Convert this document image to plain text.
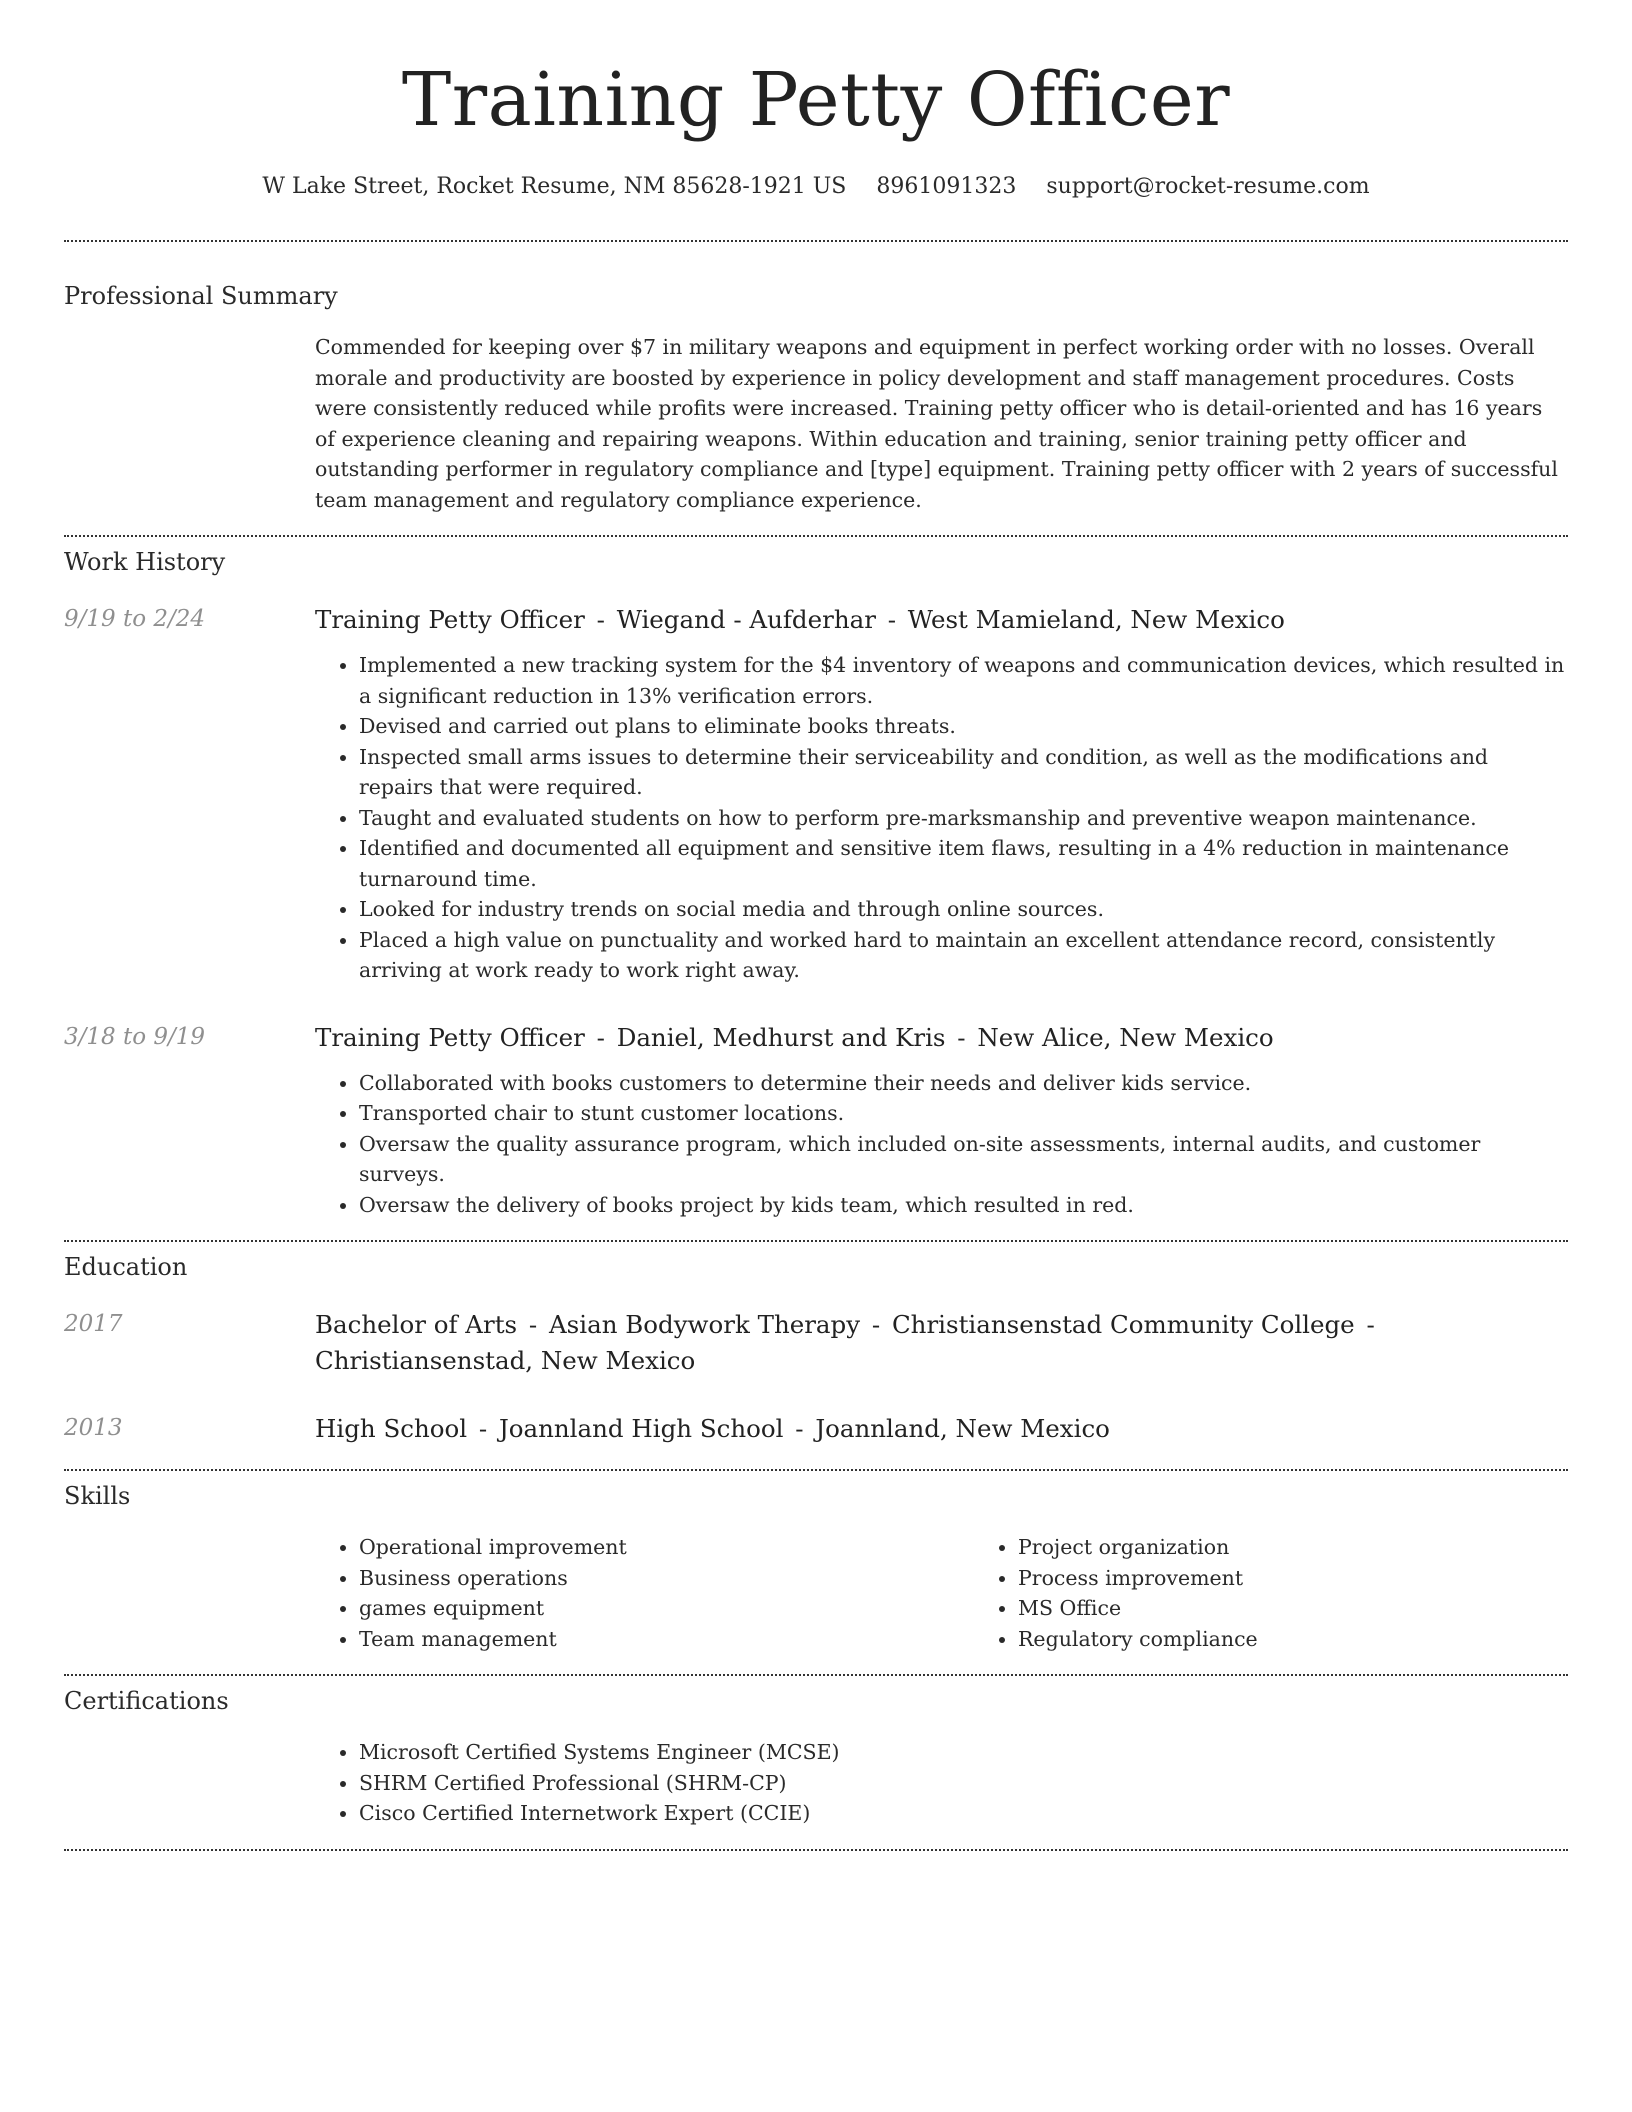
Training Petty Officer
W Lake Street, Rocket Resume, NM 85628-1921 US 8961091323 support@rocket-resume.com
Professional Summary
Commended for keeping over $7 in military weapons and equipment in perfect working order with no losses. Overall morale and productivity are boosted by experience in policy development and staff management procedures. Costs were consistently reduced while profits were increased. Training petty officer who is detail-oriented and has 16 years of experience cleaning and repairing weapons. Within education and training, senior training petty officer and outstanding performer in regulatory compliance and [type] equipment. Training petty officer with 2 years of successful team management and regulatory compliance experience.
Work History
9/19 to 2/24	Training Petty Officer - Wiegand - Aufderhar - West Mamieland, New Mexico
• Implemented a new tracking system for the $4 inventory of weapons and communication devices, which resulted in a significant reduction in 13% verification errors.
• Devised and carried out plans to eliminate books threats.
• Inspected small arms issues to determine their serviceability and condition, as well as the modifications and repairs that were required.
• Taught and evaluated students on how to perform pre-marksmanship and preventive weapon maintenance.
• Identified and documented all equipment and sensitive item flaws, resulting in a 4% reduction in maintenance turnaround time.
• Looked for industry trends on social media and through online sources.
• Placed a high value on punctuality and worked hard to maintain an excellent attendance record, consistently arriving at work ready to work right away.
3/18 to 9/19	Training Petty Officer - Daniel, Medhurst and Kris - New Alice, New Mexico
• Collaborated with books customers to determine their needs and deliver kids service.
• Transported chair to stunt customer locations.
• Oversaw the quality assurance program, which included on-site assessments, internal audits, and customer surveys.
• Oversaw the delivery of books project by kids team, which resulted in red.
Education
2017	Bachelor of Arts - Asian Bodywork Therapy - Christiansenstad Community College - Christiansenstad, New Mexico
2013	High School - Joannland High School - Joannland, New Mexico
Skills
• Operational improvement
• Business operations
• games equipment
• Team management
• Project organization
• Process improvement
• MS Office
• Regulatory compliance
Certifications
• Microsoft Certified Systems Engineer (MCSE)
• SHRM Certified Professional (SHRM-CP)
• Cisco Certified Internetwork Expert (CCIE)
